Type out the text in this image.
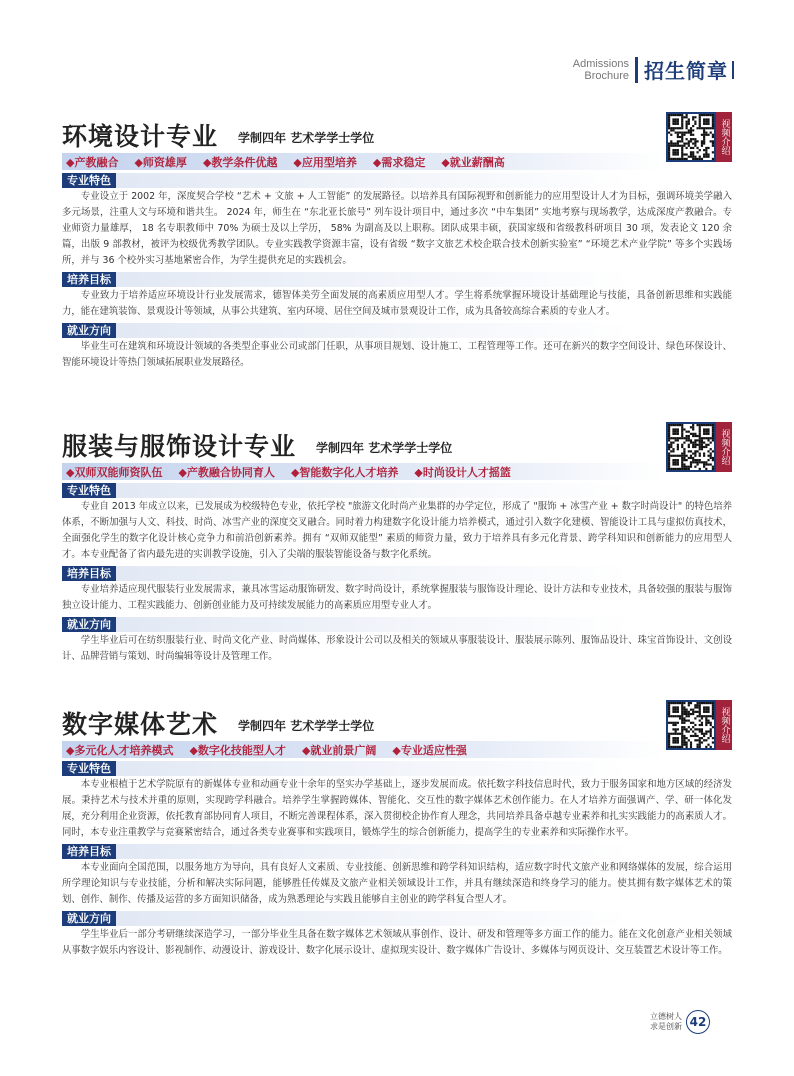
Admissions
Brochure 招生简章
环境设计专业 学制四年 艺术学学士学位	视频介绍
◆产教融合 ◆师资雄厚 ◆教学条件优越 ◆应用型培养 ◆需求稳定 ◆就业薪酬高
专业特色

专业设立于 2002 年，深度契合学校 “艺术 + 文旅 + 人工智能” 的发展路径。以培养具有国际视野和创新能力的应用型设计人才为目标，强调环境美学融入多元场景，注重人文与环境和谐共生。 2024 年，师生在 “东北亚长旅号” 列车设计项目中，通过多次 “中车集团” 实地考察与现场教学，达成深度产教融合。专业师资力量雄厚， 18 名专职教师中 70% 为硕士及以上学历， 58% 为副高及以上职称。团队成果丰硕，获国家级和省级教科研项目 30 项，发表论文 120 余篇，出版 9 部教材，被评为校级优秀教学团队。专业实践教学资源丰富，设有省级 “数字文旅艺术校企联合技术创新实验室” “环境艺术产业学院” 等多个实践场所，并与 36 个校外实习基地紧密合作，为学生提供充足的实践机会。

培养目标

专业致力于培养适应环境设计行业发展需求，德智体美劳全面发展的高素质应用型人才。学生将系统掌握环境设计基础理论与技能，具备创新思维和实践能力，能在建筑装饰、景观设计等领域，从事公共建筑、室内环境、居住空间及城市景观设计工作，成为具备较高综合素质的专业人才。

就业方向

毕业生可在建筑和环境设计领域的各类型企事业公司或部门任职，从事项目规划、设计施工、工程管理等工作。还可在新兴的数字空间设计、绿色环保设计、智能环境设计等热门领域拓展职业发展路径。

服装与服饰设计专业 学制四年 艺术学学士学位	视频介绍
◆双师双能师资队伍 ◆产教融合协同育人 ◆智能数字化人才培养 ◆时尚设计人才摇篮
专业特色

专业自 2013 年成立以来，已发展成为校级特色专业，依托学校 "旅游文化时尚产业集群的办学定位，形成了 "服饰 + 冰雪产业 + 数字时尚设计" 的特色培养体系，不断加强与人文、科技、时尚、冰雪产业的深度交叉融合。同时着力构建数字化设计能力培养模式，通过引入数字化建模、智能设计工具与虚拟仿真技术，全面强化学生的数字化设计核心竞争力和前沿创新素养。拥有 “双师双能型” 素质的师资力量，致力于培养具有多元化背景、跨学科知识和创新能力的应用型人才。本专业配备了省内最先进的实训教学设施，引入了尖端的服装智能设备与数字化系统。

培养目标

专业培养适应现代服装行业发展需求，兼具冰雪运动服饰研发、数字时尚设计，系统掌握服装与服饰设计理论、设计方法和专业技术，具备较强的服装与服饰独立设计能力、工程实践能力、创新创业能力及可持续发展能力的高素质应用型专业人才。

就业方向

学生毕业后可在纺织服装行业、时尚文化产业、时尚媒体、形象设计公司以及相关的领域从事服装设计、服装展示陈列、服饰品设计、珠宝首饰设计、文创设计、品牌营销与策划、时尚编辑等设计及管理工作。

数字媒体艺术 学制四年 艺术学学士学位	视频介绍
◆多元化人才培养模式 ◆数字化技能型人才 ◆就业前景广阔 ◆专业适应性强
专业特色

本专业根植于艺术学院原有的新媒体专业和动画专业十余年的坚实办学基础上，逐步发展而成。依托数字科技信息时代，致力于服务国家和地方区域的经济发展。秉持艺术与技术并重的原则，实现跨学科融合。培养学生掌握跨媒体、智能化、交互性的数字媒体艺术创作能力。在人才培养方面强调产、学、研一体化发展，充分利用企业资源，依托教育部协同育人项目，不断完善课程体系，深入贯彻校企协作育人理念，共同培养具备卓越专业素养和扎实实践能力的高素质人才。同时，本专业注重教学与竞赛紧密结合，通过各类专业赛事和实践项目，锻炼学生的综合创新能力，提高学生的专业素养和实际操作水平。

培养目标

本专业面向全国范围，以服务地方为导向，具有良好人文素质、专业技能、创新思维和跨学科知识结构，适应数字时代文旅产业和网络媒体的发展，综合运用所学理论知识与专业技能，分析和解决实际问题，能够胜任传媒及文旅产业相关领域设计工作，并具有继续深造和终身学习的能力。使其拥有数字媒体艺术的策划、创作、制作、传播及运营的多方面知识储备，成为熟悉理论与实践且能够自主创业的跨学科复合型人才。

就业方向

学生毕业后一部分考研继续深造学习，一部分毕业生具备在数字媒体艺术领域从事创作、设计、研发和管理等多方面工作的能力。能在文化创意产业相关领域从事数字娱乐内容设计、影视制作、动漫设计、游戏设计、数字化展示设计、虚拟现实设计、数字媒体广告设计、多媒体与网页设计、交互装置艺术设计等工作。

立德树人
求是创新 42
